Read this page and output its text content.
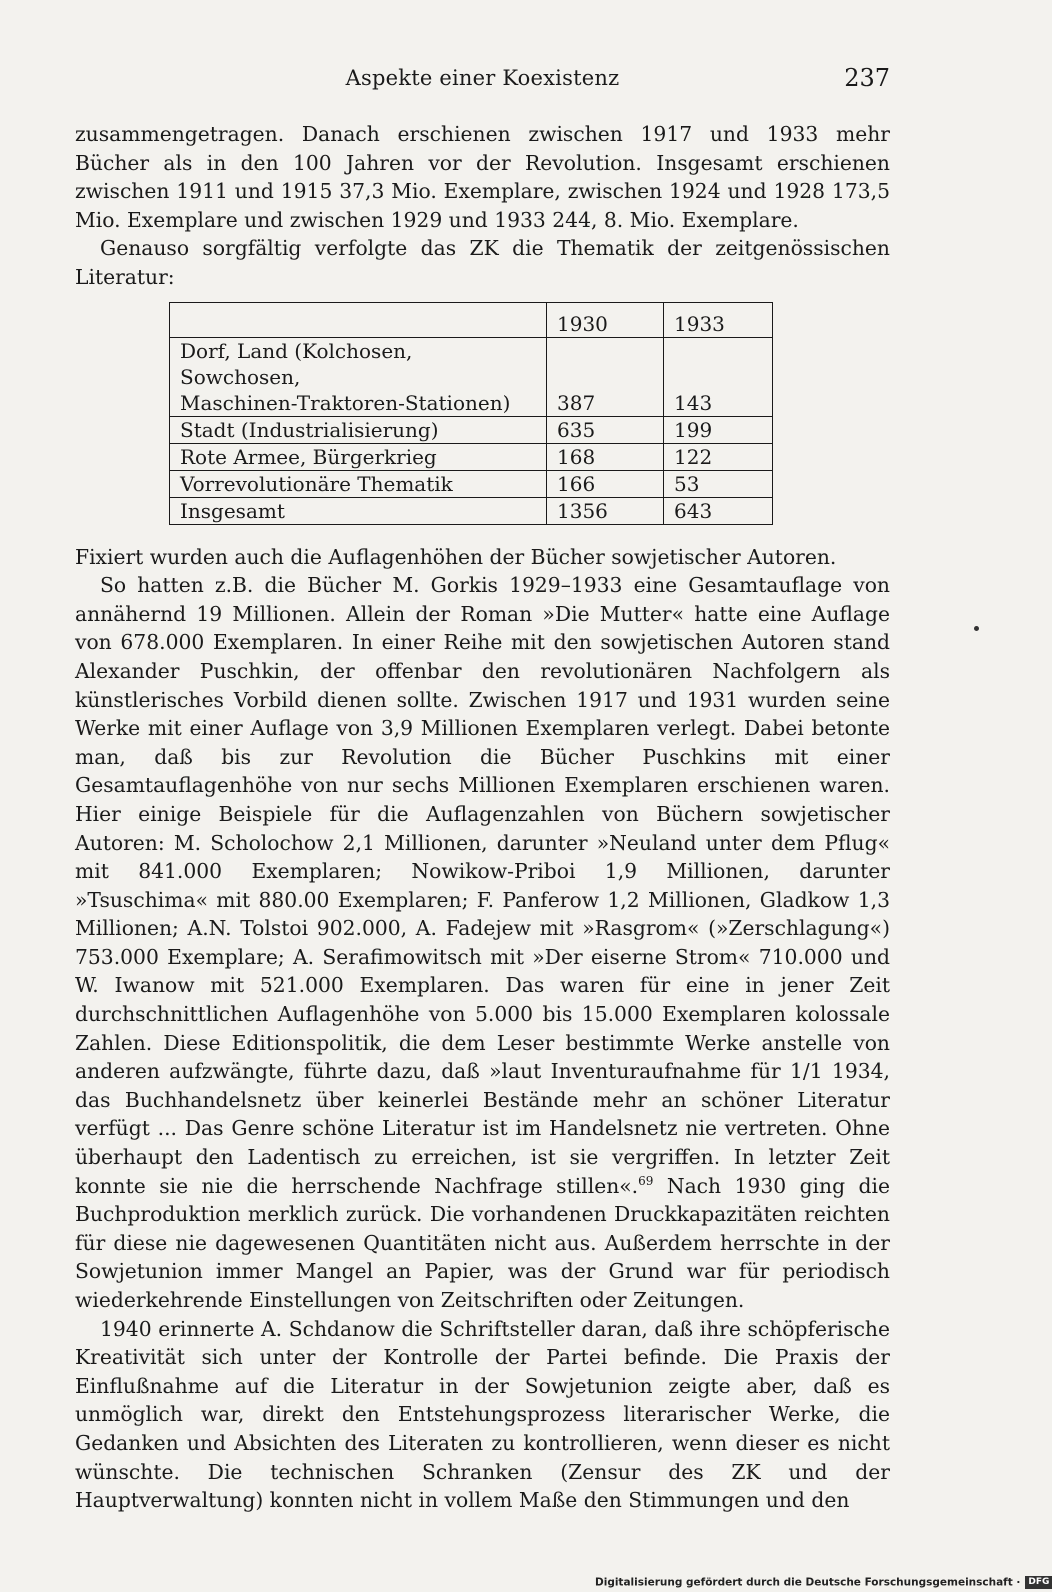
Aspekte einer Koexistenz	237

zusammengetragen. Danach erschienen zwischen 1917 und 1933 mehr Bücher als in den 100 Jahren vor der Revolution. Insgesamt erschienen zwischen 1911 und 1915 37,3 Mio. Exemplare, zwischen 1924 und 1928 173,5 Mio. Exemplare und zwischen 1929 und 1933 244, 8. Mio. Exemplare.

Genauso sorgfältig verfolgte das ZK die Thematik der zeitgenössischen Literatur:

	1930	1933

Dorf, Land (Kolchosen, Sowchosen,
Maschinen-Traktoren-Stationen)	387	143
Stadt (Industrialisierung)	635	199
Rote Armee, Bürgerkrieg	168	122
Vorrevolutionäre Thematik	166	53
Insgesamt	1356	643

Fixiert wurden auch die Auflagenhöhen der Bücher sowjetischer Autoren.

So hatten z.B. die Bücher M. Gorkis 1929–1933 eine Gesamtauflage von annähernd 19 Millionen. Allein der Roman »Die Mutter« hatte eine Auflage von 678.000 Exemplaren. In einer Reihe mit den sowjetischen Autoren stand Alexander Puschkin, der offenbar den revolutionären Nachfolgern als künstlerisches Vorbild dienen sollte. Zwischen 1917 und 1931 wurden seine Werke mit einer Auflage von 3,9 Millionen Exemplaren verlegt. Dabei betonte man, daß bis zur Revolution die Bücher Puschkins mit einer Gesamtauflagenhöhe von nur sechs Millionen Exemplaren erschienen waren. Hier einige Beispiele für die Auflagenzahlen von Büchern sowjetischer Autoren: M. Scholochow 2,1 Millionen, darunter »Neuland unter dem Pflug« mit 841.000 Exemplaren; Nowikow-Priboi 1,9 Millionen, darunter »Tsuschima« mit 880.00 Exemplaren; F. Panferow 1,2 Millionen, Gladkow 1,3 Millionen; A.N. Tolstoi 902.000, A. Fadejew mit »Rasgrom« (»Zerschlagung«) 753.000 Exemplare; A. Serafimowitsch mit »Der eiserne Strom« 710.000 und W. Iwanow mit 521.000 Exemplaren. Das waren für eine in jener Zeit durchschnittlichen Auflagenhöhe von 5.000 bis 15.000 Exemplaren kolossale Zahlen. Diese Editionspolitik, die dem Leser bestimmte Werke anstelle von anderen aufzwängte, führte dazu, daß »laut Inventuraufnahme für 1/1 1934, das Buchhandelsnetz über keinerlei Bestände mehr an schöner Literatur verfügt ... Das Genre schöne Literatur ist im Handelsnetz nie vertreten. Ohne überhaupt den Ladentisch zu erreichen, ist sie vergriffen. In letzter Zeit konnte sie nie die herrschende Nachfrage stillen«.$^{69}$ Nach 1930 ging die Buchproduktion merklich zurück. Die vorhandenen Druckkapazitäten reichten für diese nie dagewesenen Quantitäten nicht aus. Außerdem herrschte in der Sowjetunion immer Mangel an Papier, was der Grund war für periodisch wiederkehrende Einstellungen von Zeitschriften oder Zeitungen.

1940 erinnerte A. Schdanow die Schriftsteller daran, daß ihre schöpferische Kreativität sich unter der Kontrolle der Partei befinde. Die Praxis der Einflußnahme auf die Literatur in der Sowjetunion zeigte aber, daß es unmöglich war, direkt den Entstehungsprozess literarischer Werke, die Gedanken und Absichten des Literaten zu kontrollieren, wenn dieser es nicht wünschte. Die technischen Schranken (Zensur des ZK und der Hauptverwaltung) konnten nicht in vollem Maße den Stimmungen und den

Digitalisierung gefördert durch die Deutsche Forschungsgemeinschaft · DFG
